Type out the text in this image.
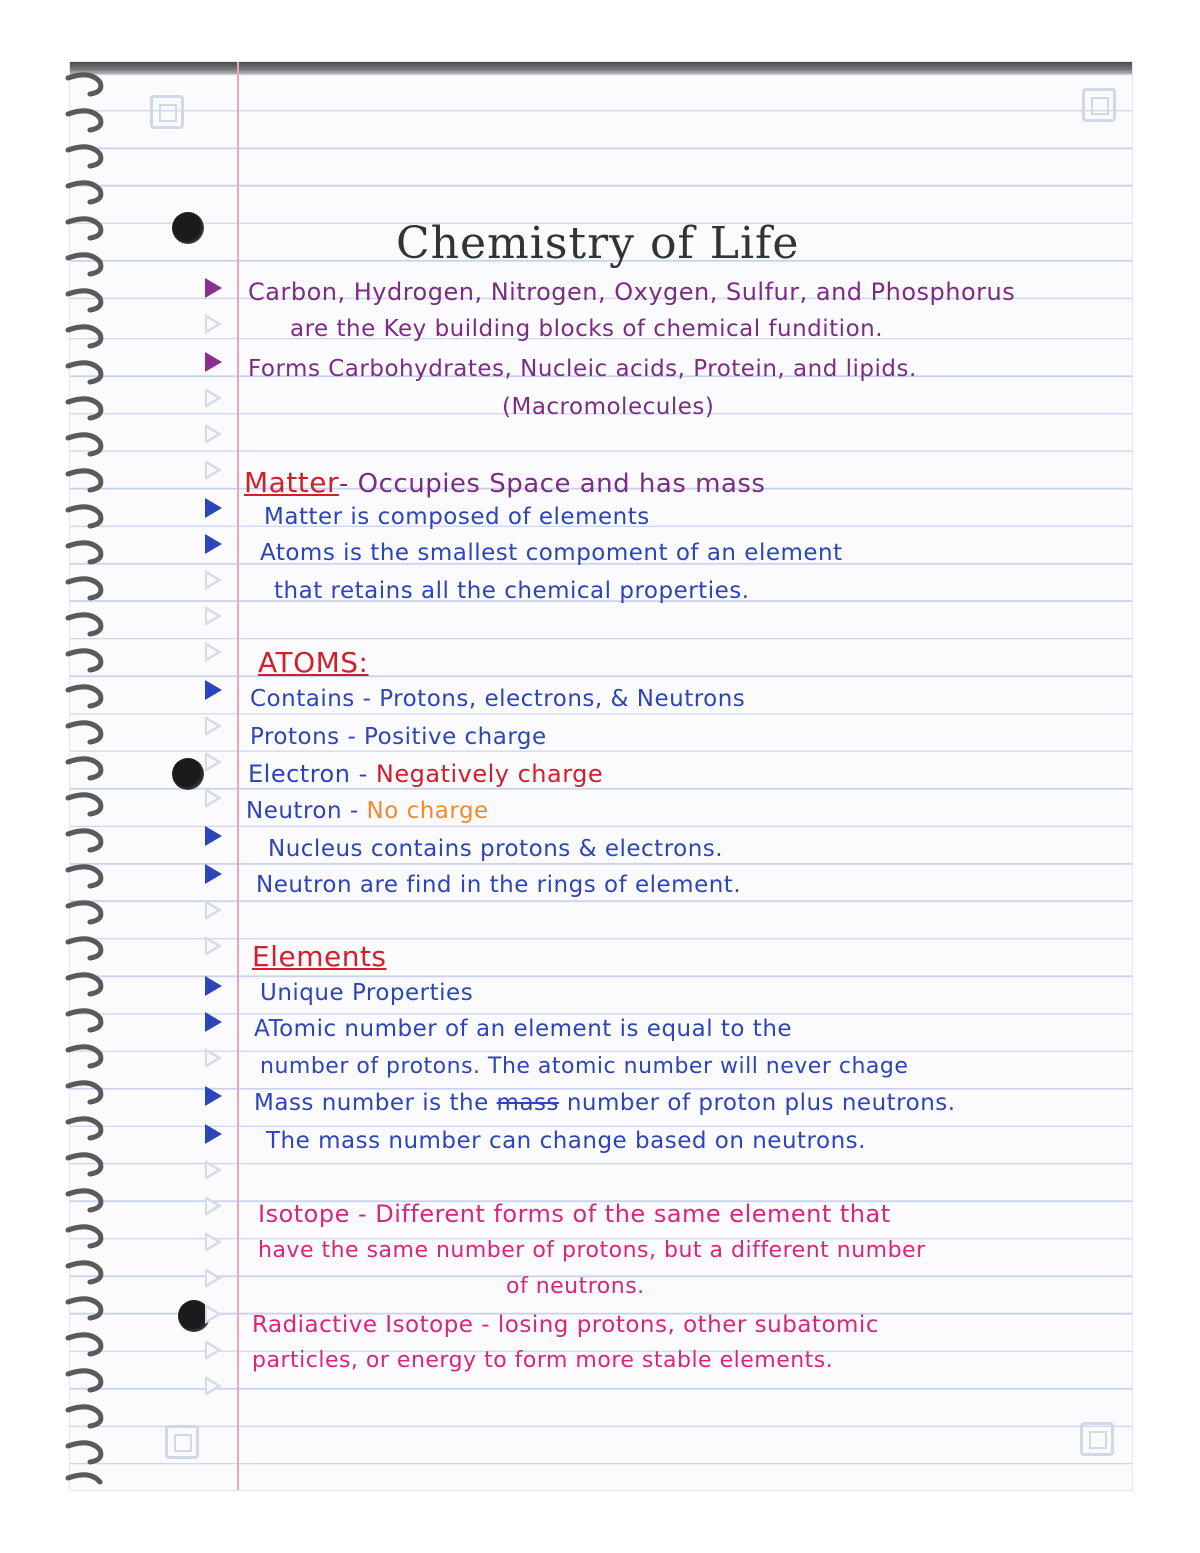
Chemistry of Life
Carbon, Hydrogen, Nitrogen, Oxygen, Sulfur, and Phosphorus
are the Key building blocks of chemical fundition.
Forms Carbohydrates, Nucleic acids, Protein, and lipids.
(Macromolecules)
Matter- Occupies Space and has mass
Matter is composed of elements
Atoms is the smallest compoment of an element
that retains all the chemical properties.
ATOMS:
Contains - Protons, electrons, & Neutrons
Protons - Positive charge
Electron - Negatively charge
Neutron - No charge
Nucleus contains protons & electrons.
Neutron are find in the rings of element.
Elements
Unique Properties
ATomic number of an element is equal to the
number of protons. The atomic number will never chage
Mass number is the mass number of proton plus neutrons.
The mass number can change based on neutrons.
Isotope - Different forms of the same element that
have the same number of protons, but a different number
of neutrons.
Radiactive Isotope - losing protons, other subatomic
particles, or energy to form more stable elements.
